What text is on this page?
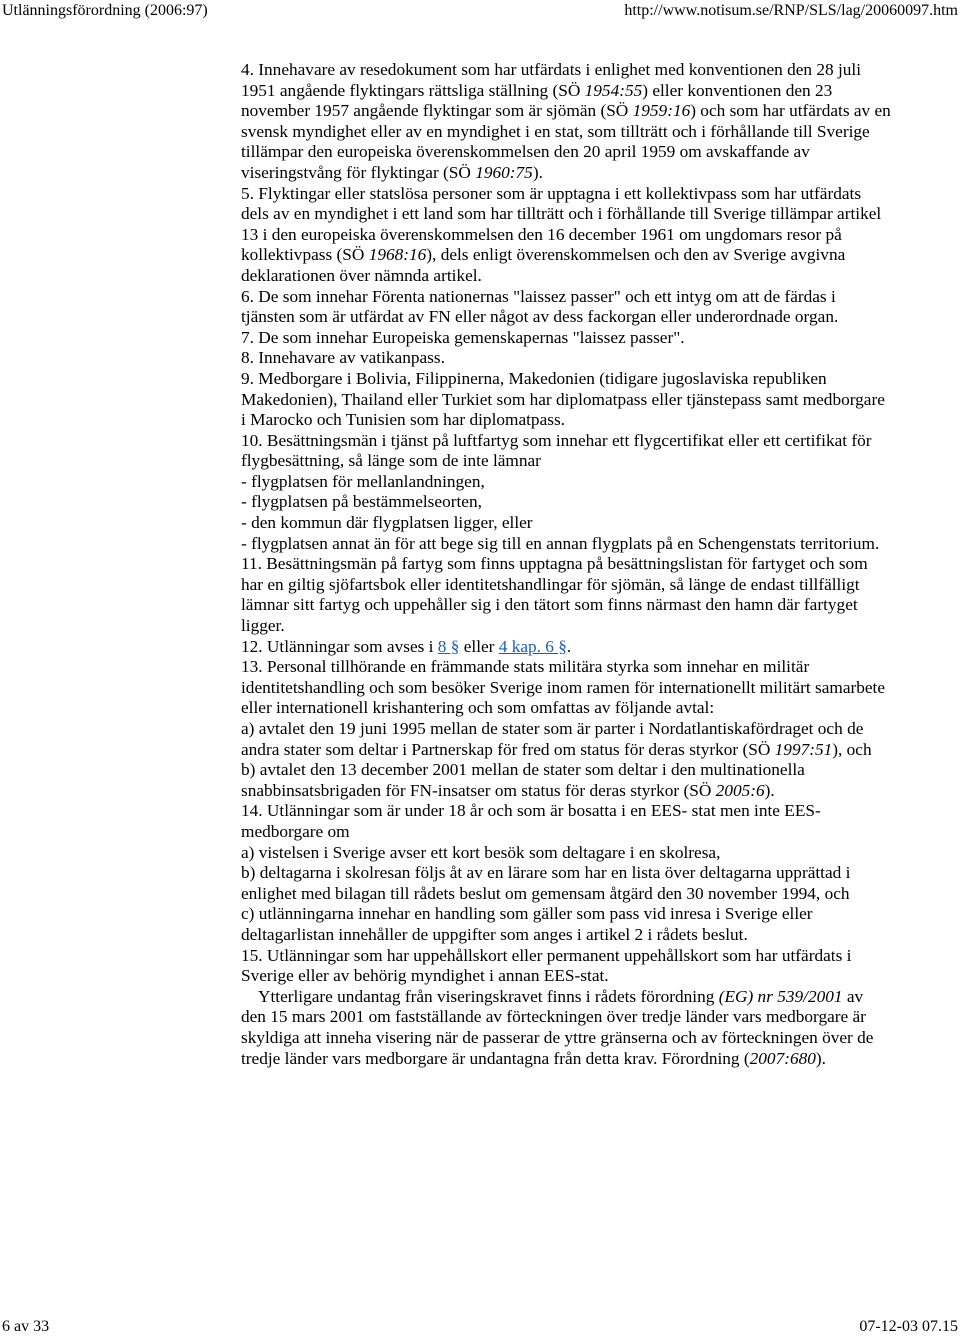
Utlänningsförordning (2006:97)	http://www.notisum.se/RNP/SLS/lag/20060097.htm

4. Innehavare av resedokument som har utfärdats i enlighet med konventionen den 28 juli 1951 angående flyktingars rättsliga ställning (SÖ 1954:55) eller konventionen den 23 november 1957 angående flyktingar som är sjömän (SÖ 1959:16) och som har utfärdats av en svensk myndighet eller av en myndighet i en stat, som tillträtt och i förhållande till Sverige tillämpar den europeiska överenskommelsen den 20 april 1959 om avskaffande av viseringstvång för flyktingar (SÖ 1960:75).

5. Flyktingar eller statslösa personer som är upptagna i ett kollektivpass som har utfärdats dels av en myndighet i ett land som har tillträtt och i förhållande till Sverige tillämpar artikel 13 i den europeiska överenskommelsen den 16 december 1961 om ungdomars resor på kollektivpass (SÖ 1968:16), dels enligt överenskommelsen och den av Sverige avgivna deklarationen över nämnda artikel.

6. De som innehar Förenta nationernas "laissez passer" och ett intyg om att de färdas i tjänsten som är utfärdat av FN eller något av dess fackorgan eller underordnade organ.

7. De som innehar Europeiska gemenskapernas "laissez passer".

8. Innehavare av vatikanpass.

9. Medborgare i Bolivia, Filippinerna, Makedonien (tidigare jugoslaviska republiken Makedonien), Thailand eller Turkiet som har diplomatpass eller tjänstepass samt medborgare i Marocko och Tunisien som har diplomatpass.

10. Besättningsmän i tjänst på luftfartyg som innehar ett flygcertifikat eller ett certifikat för flygbesättning, så länge som de inte lämnar

- flygplatsen för mellanlandningen,

- flygplatsen på bestämmelseorten,

- den kommun där flygplatsen ligger, eller

- flygplatsen annat än för att bege sig till en annan flygplats på en Schengenstats territorium.

11. Besättningsmän på fartyg som finns upptagna på besättningslistan för fartyget och som har en giltig sjöfartsbok eller identitetshandlingar för sjömän, så länge de endast tillfälligt lämnar sitt fartyg och uppehåller sig i den tätort som finns närmast den hamn där fartyget ligger.

12. Utlänningar som avses i 8 § eller 4 kap. 6 §.

13. Personal tillhörande en främmande stats militära styrka som innehar en militär identitetshandling och som besöker Sverige inom ramen för internationellt militärt samarbete eller internationell krishantering och som omfattas av följande avtal:

a) avtalet den 19 juni 1995 mellan de stater som är parter i Nordatlantiskafördraget och de andra stater som deltar i Partnerskap för fred om status för deras styrkor (SÖ 1997:51), och

b) avtalet den 13 december 2001 mellan de stater som deltar i den multinationella snabbinsatsbrigaden för FN-insatser om status för deras styrkor (SÖ 2005:6).

14. Utlänningar som är under 18 år och som är bosatta i en EES- stat men inte EES-medborgare om

a) vistelsen i Sverige avser ett kort besök som deltagare i en skolresa,

b) deltagarna i skolresan följs åt av en lärare som har en lista över deltagarna upprättad i enlighet med bilagan till rådets beslut om gemensam åtgärd den 30 november 1994, och

c) utlänningarna innehar en handling som gäller som pass vid inresa i Sverige eller deltagarlistan innehåller de uppgifter som anges i artikel 2 i rådets beslut.

15. Utlänningar som har uppehållskort eller permanent uppehållskort som har utfärdats i Sverige eller av behörig myndighet i annan EES-stat.

Ytterligare undantag från viseringskravet finns i rådets förordning (EG) nr 539/2001 av den 15 mars 2001 om fastställande av förteckningen över tredje länder vars medborgare är skyldiga att inneha visering när de passerar de yttre gränserna och av förteckningen över de tredje länder vars medborgare är undantagna från detta krav. Förordning (2007:680).

6 av 33	07-12-03 07.15
